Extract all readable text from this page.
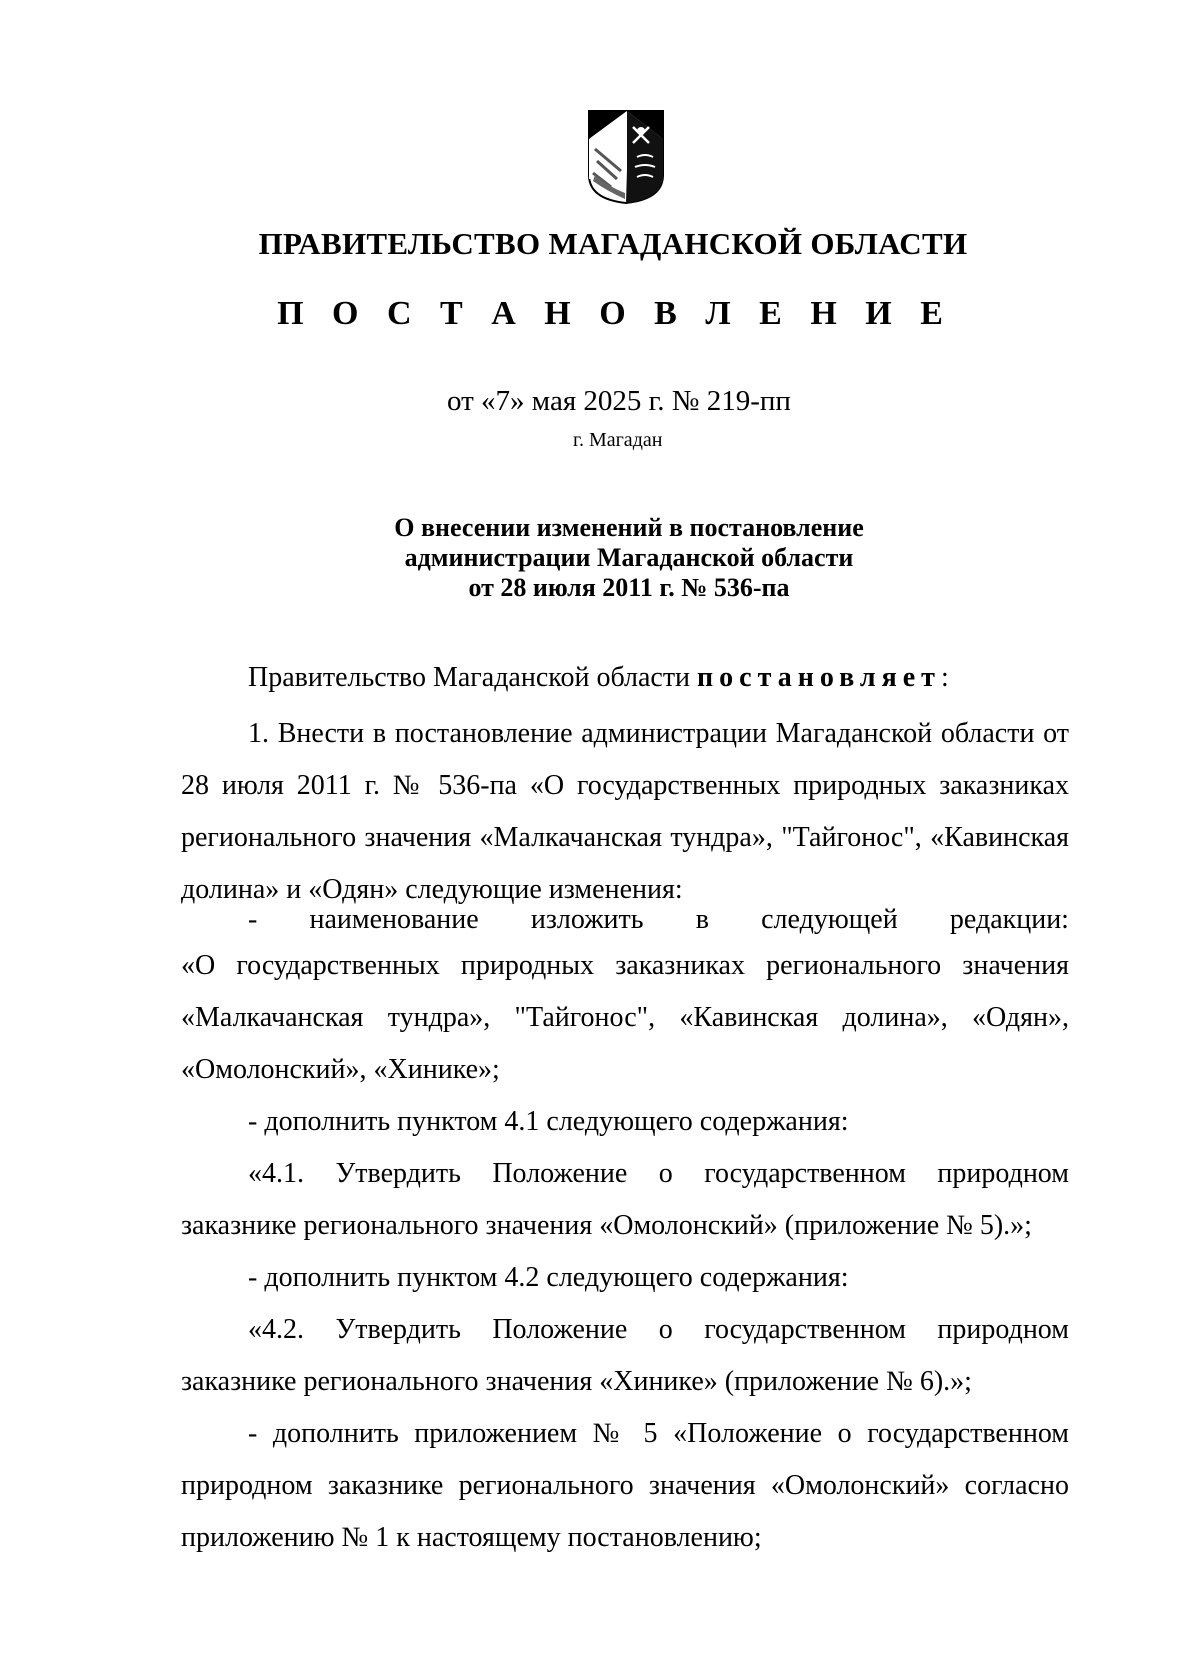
ПРАВИТЕЛЬСТВО МАГАДАНСКОЙ ОБЛАСТИ
П О С Т А Н О В Л Е Н И Е
от «7» мая 2025 г. № 219-пп
г. Магадан
О внесении изменений в постановление
администрации Магаданской области
от 28 июля 2011 г. № 536-па
Правительство Магаданской области постановляет:

1. Внести в постановление администрации Магаданской области от 28 июля 2011 г. № 536-па «О государственных природных заказниках регионального значения «Малкачанская тундра», "Тайгонос", «Кавинская долина» и «Одян» следующие изменения:

- наименование изложить в следующей редакции:

«О государственных природных заказниках регионального значения «Малкачанская тундра», "Тайгонос", «Кавинская долина», «Одян», «Омолонский», «Хинике»;

- дополнить пунктом 4.1 следующего содержания:

«4.1. Утвердить Положение о государственном природном заказнике регионального значения «Омолонский» (приложение № 5).»;

- дополнить пунктом 4.2 следующего содержания:

«4.2. Утвердить Положение о государственном природном заказнике регионального значения «Хинике» (приложение № 6).»;

- дополнить приложением № 5 «Положение о государственном природном заказнике регионального значения «Омолонский» согласно приложению № 1 к настоящему постановлению;
